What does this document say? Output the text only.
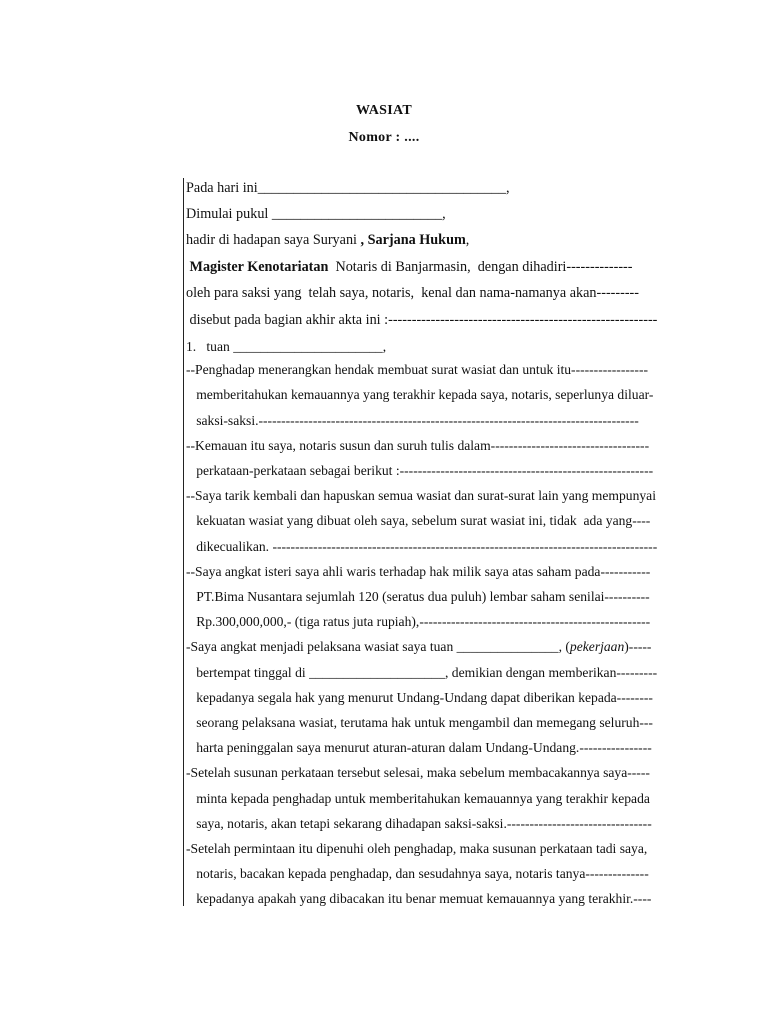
WASIAT
Nomor : ....
Pada hari ini___________________________________,
Dimulai pukul ________________________,
hadir di hadapan saya Suryani , Sarjana Hukum,
Magister Kenotariatan  Notaris di Banjarmasin,  dengan dihadiri--------------
oleh para saksi yang  telah saya, notaris,  kenal dan nama-namanya akan---------
disebut pada bagian akhir akta ini :---------------------------------------------------------
1.   tuan ______________________,
--Penghadap menerangkan hendak membuat surat wasiat dan untuk itu-----------------
memberitahukan kemauannya yang terakhir kepada saya, notaris, seperlunya diluar-
saksi-saksi.------------------------------------------------------------------------------------
--Kemauan itu saya, notaris susun dan suruh tulis dalam-----------------------------------
perkataan-perkataan sebagai berikut :--------------------------------------------------------
--Saya tarik kembali dan hapuskan semua wasiat dan surat-surat lain yang mempunyai
kekuatan wasiat yang dibuat oleh saya, sebelum surat wasiat ini, tidak  ada yang----
dikecualikan. -------------------------------------------------------------------------------------
--Saya angkat isteri saya ahli waris terhadap hak milik saya atas saham pada-----------
PT.Bima Nusantara sejumlah 120 (seratus dua puluh) lembar saham senilai----------
Rp.300,000,000,- (tiga ratus juta rupiah),---------------------------------------------------
-Saya angkat menjadi pelaksana wasiat saya tuan _______________, (pekerjaan)-----
bertempat tinggal di ____________________, demikian dengan memberikan---------
kepadanya segala hak yang menurut Undang-Undang dapat diberikan kepada--------
seorang pelaksana wasiat, terutama hak untuk mengambil dan memegang seluruh---
harta peninggalan saya menurut aturan-aturan dalam Undang-Undang.----------------
-Setelah susunan perkataan tersebut selesai, maka sebelum membacakannya saya-----
minta kepada penghadap untuk memberitahukan kemauannya yang terakhir kepada
saya, notaris, akan tetapi sekarang dihadapan saksi-saksi.--------------------------------
-Setelah permintaan itu dipenuhi oleh penghadap, maka susunan perkataan tadi saya,
notaris, bacakan kepada penghadap, dan sesudahnya saya, notaris tanya--------------
kepadanya apakah yang dibacakan itu benar memuat kemauannya yang terakhir.----
